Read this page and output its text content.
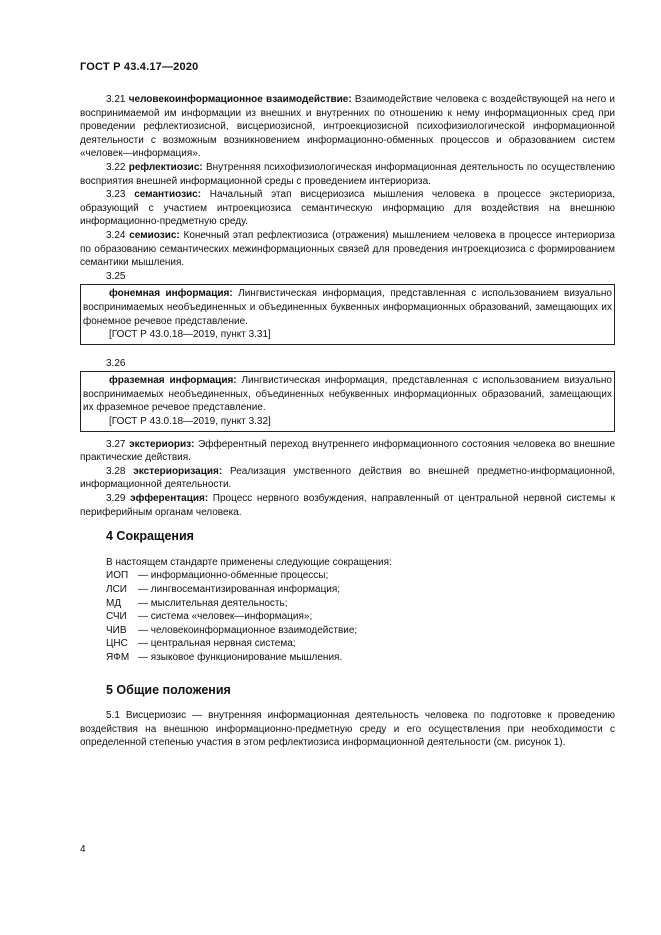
ГОСТ Р 43.4.17—2020

3.21 человекоинформационное взаимодействие: Взаимодействие человека с воздействующей на него и воспринимаемой им информации из внешних и внутренних по отношению к нему информационных сред при проведении рефлектиозисной, висцериозисной, интроекциозисной психофизиологической информационной деятельности с возможным возникновением информационно-обменных процессов и образованием систем «человек—информация».

3.22 рефлектиозис: Внутренняя психофизиологическая информационная деятельность по осуществлению восприятия внешней информационной среды с проведением интериориза.

3.23 семантиозис: Начальный этап висцериозиса мышления человека в процессе экстериориза, образующий с участием интроекциозиса семантическую информацию для воздействия на внешнюю информационно-предметную среду.

3.24 семиозис: Конечный этап рефлектиозиса (отражения) мышлением человека в процессе интериориза по образованию семантических межинформационных связей для проведения интроекциозиса с формированием семантики мышления.

3.25

фонемная информация: Лингвистическая информация, представленная с использованием визуально воспринимаемых необъединенных и объединенных буквенных информационных образований, замещающих их фонемное речевое представление.

[ГОСТ Р 43.0.18—2019, пункт 3.31]

3.26

фраземная информация: Лингвистическая информация, представленная с использованием визуально воспринимаемых необъединенных, объединенных небуквенных информационных образований, замещающих их фраземное речевое представление.

[ГОСТ Р 43.0.18—2019, пункт 3.32]

3.27 экстериориз: Эфферентный переход внутреннего информационного состояния человека во внешние практические действия.

3.28 экстериоризация: Реализация умственного действия во внешней предметно-информационной, информационной деятельности.

3.29 эфферентация: Процесс нервного возбуждения, направленный от центральной нервной системы к периферийным органам человека.

4 Сокращения

В настоящем стандарте применены следующие сокращения:

ИОП — информационно-обменные процессы;
ЛСИ	— лингвосемантизированная информация;
МД	— мыслительная деятельность;
СЧИ	— система «человек—информация»;
ЧИВ	— человекоинформационное взаимодействие;
ЦНС	— центральная нервная система;
ЯФМ — языковое функционирование мышления.

5 Общие положения

5.1 Висцериозис — внутренняя информационная деятельность человека по подготовке к проведению воздействия на внешнюю информационно-предметную среду и его осуществления при необходимости с определенной степенью участия в этом рефлектиозиса информационной деятельности (см. рисунок 1).

4
